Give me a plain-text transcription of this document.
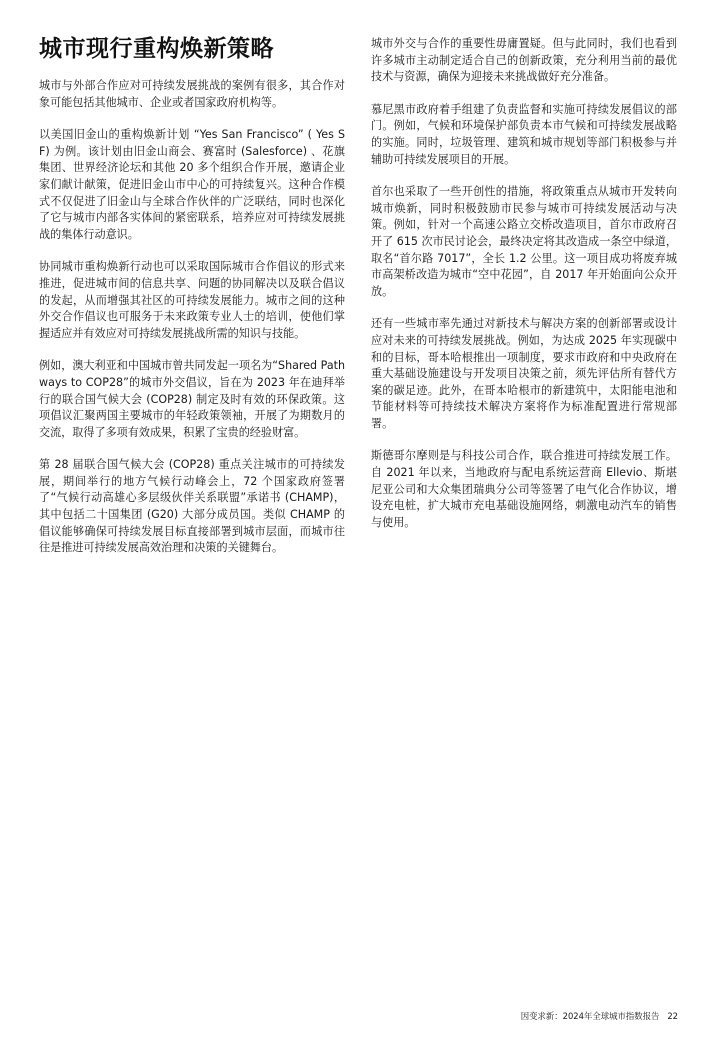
城市现行重构焕新策略

城市与外部合作应对可持续发展挑战的案例有很多，其合作对象可能包括其他城市、企业或者国家政府机构等。

以美国旧金山的重构焕新计划 “Yes San Francisco” ( Yes SF) 为例。该计划由旧金山商会、赛富时 (Salesforce) 、花旗集团、世界经济论坛和其他 20 多个组织合作开展，邀请企业家们献计献策，促进旧金山市中心的可持续复兴。这种合作模式不仅促进了旧金山与全球合作伙伴的广泛联结，同时也深化了它与城市内部各实体间的紧密联系，培养应对可持续发展挑战的集体行动意识。

协同城市重构焕新行动也可以采取国际城市合作倡议的形式来推进，促进城市间的信息共享、问题的协同解决以及联合倡议的发起，从而增强其社区的可持续发展能力。城市之间的这种外交合作倡议也可服务于未来政策专业人士的培训，使他们掌握适应并有效应对可持续发展挑战所需的知识与技能。

例如，澳大利亚和中国城市曾共同发起一项名为“Shared Pathways to COP28”的城市外交倡议，旨在为 2023 年在迪拜举行的联合国气候大会 (COP28) 制定及时有效的环保政策。这项倡议汇聚两国主要城市的年轻政策领袖，开展了为期数月的交流，取得了多项有效成果，积累了宝贵的经验财富。

第 28 届联合国气候大会 (COP28) 重点关注城市的可持续发展，期间举行的地方气候行动峰会上，72 个国家政府签署了“气候行动高雄心多层级伙伴关系联盟”承诺书 (CHAMP)，其中包括二十国集团 (G20) 大部分成员国。类似 CHAMP 的倡议能够确保可持续发展目标直接部署到城市层面，而城市往往是推进可持续发展高效治理和决策的关键舞台。

城市外交与合作的重要性毋庸置疑。但与此同时，我们也看到许多城市主动制定适合自己的创新政策，充分利用当前的最优技术与资源，确保为迎接未来挑战做好充分准备。

慕尼黑市政府着手组建了负责监督和实施可持续发展倡议的部门。例如，气候和环境保护部负责本市气候和可持续发展战略的实施。同时，垃圾管理、建筑和城市规划等部门积极参与并辅助可持续发展项目的开展。

首尔也采取了一些开创性的措施，将政策重点从城市开发转向城市焕新，同时积极鼓励市民参与城市可持续发展活动与决策。例如，针对一个高速公路立交桥改造项目，首尔市政府召开了 615 次市民讨论会，最终决定将其改造成一条空中绿道，取名“首尔路 7017”，全长 1.2 公里。这一项目成功将废弃城市高架桥改造为城市“空中花园”，自 2017 年开始面向公众开放。

还有一些城市率先通过对新技术与解决方案的创新部署或设计应对未来的可持续发展挑战。例如，为达成 2025 年实现碳中和的目标，哥本哈根推出一项制度，要求市政府和中央政府在重大基础设施建设与开发项目决策之前，须先评估所有替代方案的碳足迹。此外，在哥本哈根市的新建筑中，太阳能电池和节能材料等可持续技术解决方案将作为标准配置进行常规部署。

斯德哥尔摩则是与科技公司合作，联合推进可持续发展工作。自 2021 年以来，当地政府与配电系统运营商 Ellevio、斯堪尼亚公司和大众集团瑞典分公司等签署了电气化合作协议，增设充电桩，扩大城市充电基础设施网络，刺激电动汽车的销售与使用。

因变求新：2024年全球城市指数报告 22
